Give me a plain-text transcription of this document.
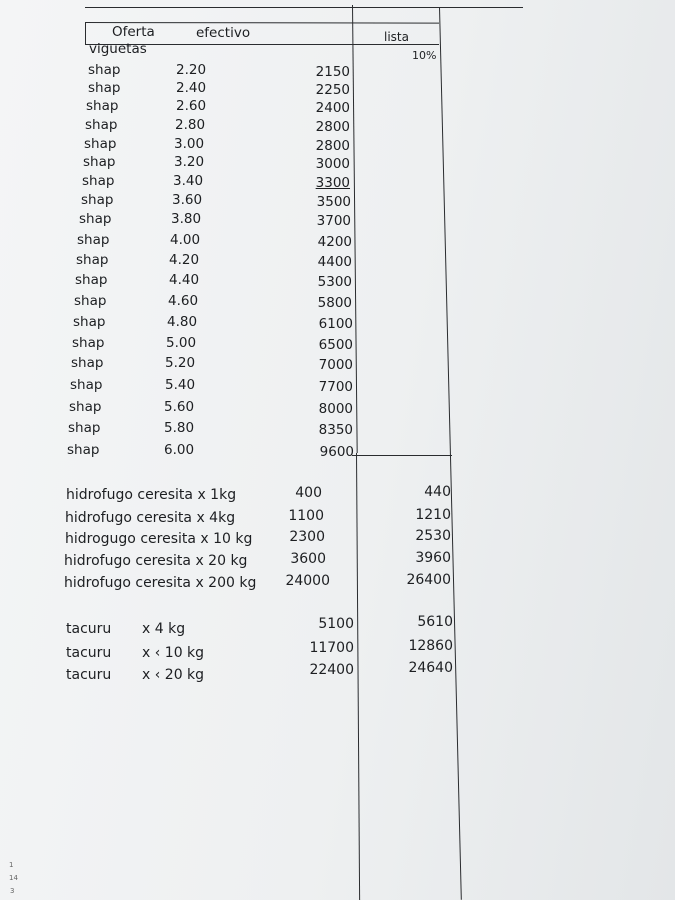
Oferta	efectivo	lista
10%
viguetas
shap	2.20	2150
shap	2.40	2250
shap	2.60	2400
shap	2.80	2800
shap	3.00	2800
shap	3.20	3000
shap	3.40	3300
shap	3.60	3500
shap	3.80	3700
shap	4.00	4200
shap	4.20	4400
shap	4.40	5300
shap	4.60	5800
shap	4.80	6100
shap	5.00	6500
shap	5.20	7000
shap	5.40	7700
shap	5.60	8000
shap	5.80	8350
shap	6.00	9600
hidrofugo ceresita x 1kg	400	440
hidrofugo ceresita x 4kg	1100	1210
hidrogugo ceresita x 10 kg	2300	2530
hidrofugo ceresita x 20 kg	3600	3960
hidrofugo ceresita x 200 kg	24000	26400
tacuru x 4 kg	5100	5610
tacuru x ‹ 10 kg	11700	12860
tacuru x ‹ 20 kg	22400	24640
1
14
3
